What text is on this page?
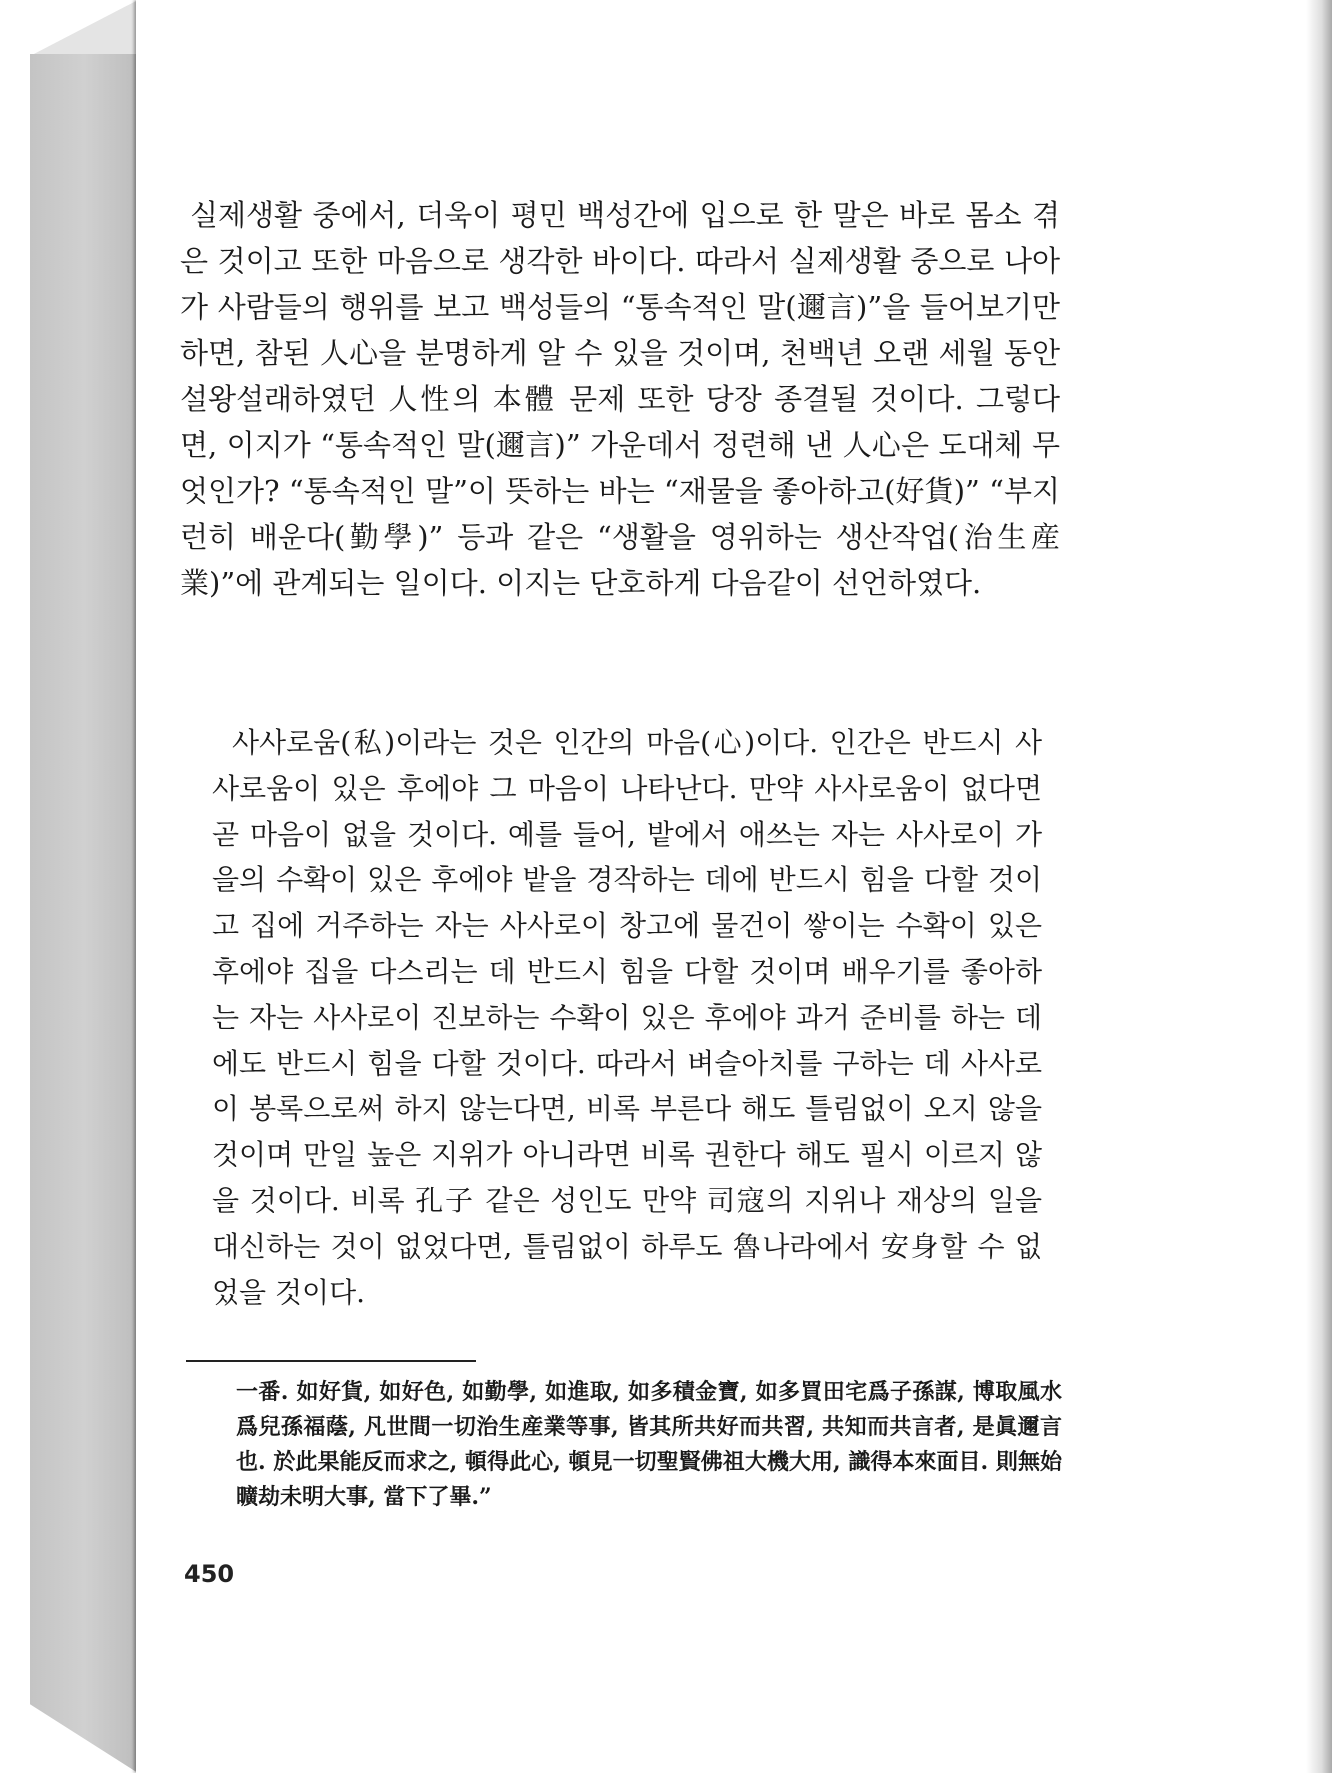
실제생활 중에서, 더욱이 평민 백성간에 입으로 한 말은 바로 몸소 겪은 것이고 또한 마음으로 생각한 바이다. 따라서 실제생활 중으로 나아가 사람들의 행위를 보고 백성들의 “통속적인 말(邇言)”을 들어보기만 하면, 참된 人心을 분명하게 알 수 있을 것이며, 천백년 오랜 세월 동안 설왕설래하였던 人性의 本體 문제 또한 당장 종결될 것이다. 그렇다면, 이지가 “통속적인 말(邇言)” 가운데서 정련해 낸 人心은 도대체 무엇인가? “통속적인 말”이 뜻하는 바는 “재물을 좋아하고(好貨)” “부지런히 배운다(勤學)” 등과 같은 “생활을 영위하는 생산작업(治生産業)”에 관계되는 일이다. 이지는 단호하게 다음같이 선언하였다.

사사로움(私)이라는 것은 인간의 마음(心)이다. 인간은 반드시 사사로움이 있은 후에야 그 마음이 나타난다. 만약 사사로움이 없다면 곧 마음이 없을 것이다. 예를 들어, 밭에서 애쓰는 자는 사사로이 가을의 수확이 있은 후에야 밭을 경작하는 데에 반드시 힘을 다할 것이고 집에 거주하는 자는 사사로이 창고에 물건이 쌓이는 수확이 있은 후에야 집을 다스리는 데 반드시 힘을 다할 것이며 배우기를 좋아하는 자는 사사로이 진보하는 수확이 있은 후에야 과거 준비를 하는 데에도 반드시 힘을 다할 것이다. 따라서 벼슬아치를 구하는 데 사사로이 봉록으로써 하지 않는다면, 비록 부른다 해도 틀림없이 오지 않을 것이며 만일 높은 지위가 아니라면 비록 권한다 해도 필시 이르지 않을 것이다. 비록 孔子 같은 성인도 만약 司寇의 지위나 재상의 일을 대신하는 것이 없었다면, 틀림없이 하루도 魯나라에서 安身할 수 없었을 것이다.

一番. 如好貨, 如好色, 如勤學, 如進取, 如多積金寶, 如多買田宅爲子孫謀, 博取風水爲兒孫福蔭, 凡世間一切治生産業等事, 皆其所共好而共習, 共知而共言者, 是眞邇言也. 於此果能反而求之, 頓得此心, 頓見一切聖賢佛祖大機大用, 識得本來面目. 則無始曠劫未明大事, 當下了畢.”

450
